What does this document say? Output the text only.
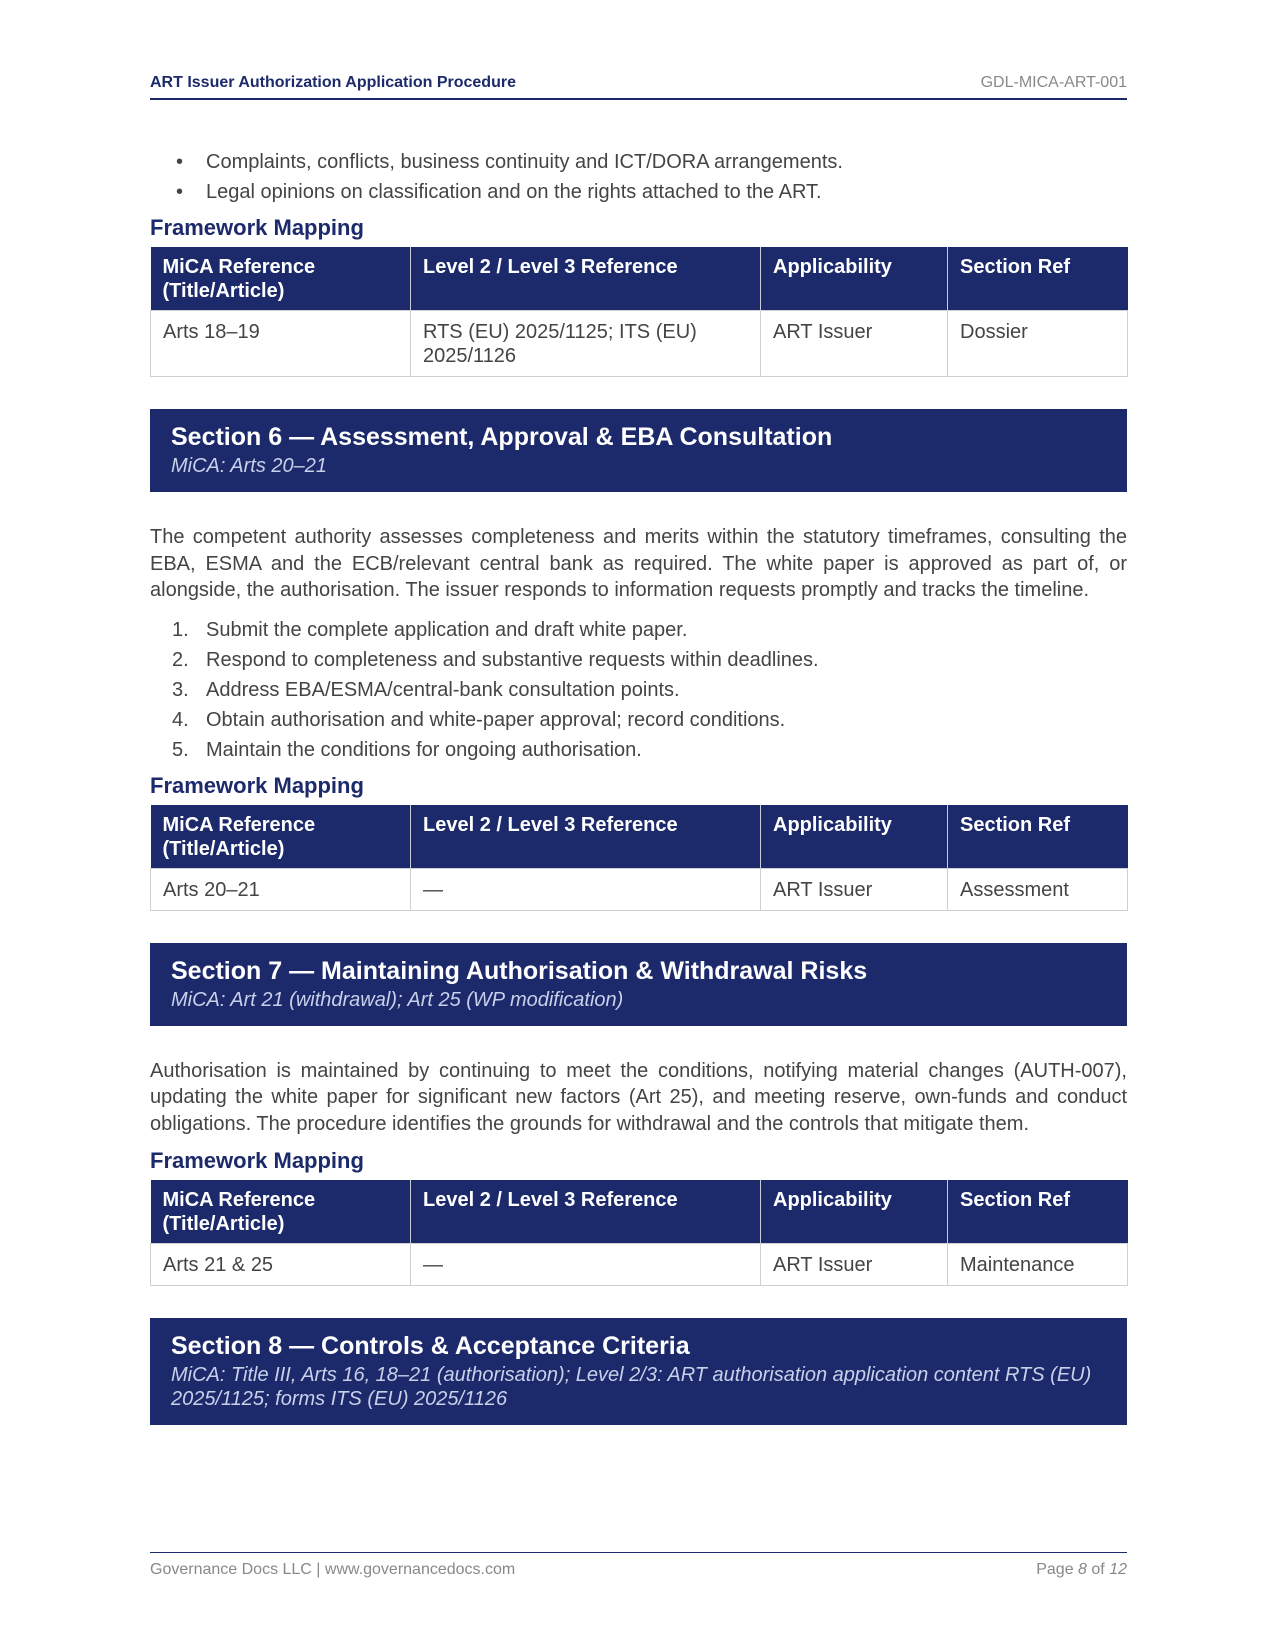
ART Issuer Authorization Application Procedure	GDL-MICA-ART-001
• Complaints, conflicts, business continuity and ICT/DORA arrangements.
• Legal opinions on classification and on the rights attached to the ART.
Framework Mapping
MiCA Reference (Title/Article)	Level 2 / Level 3 Reference	Applicability	Section Ref
Arts 18–19	RTS (EU) 2025/1125; ITS (EU) 2025/1126	ART Issuer	Dossier
Section 6 — Assessment, Approval & EBA Consultation
MiCA: Arts 20–21

The competent authority assesses completeness and merits within the statutory timeframes, consulting the EBA, ESMA and the ECB/relevant central bank as required. The white paper is approved as part of, or alongside, the authorisation. The issuer responds to information requests promptly and tracks the timeline.

1. Submit the complete application and draft white paper.
2. Respond to completeness and substantive requests within deadlines.
3. Address EBA/ESMA/central-bank consultation points.
4. Obtain authorisation and white-paper approval; record conditions.
5. Maintain the conditions for ongoing authorisation.
Framework Mapping
MiCA Reference (Title/Article)	Level 2 / Level 3 Reference	Applicability	Section Ref
Arts 20–21	—	ART Issuer	Assessment
Section 7 — Maintaining Authorisation & Withdrawal Risks
MiCA: Art 21 (withdrawal); Art 25 (WP modification)

Authorisation is maintained by continuing to meet the conditions, notifying material changes (AUTH-007), updating the white paper for significant new factors (Art 25), and meeting reserve, own-funds and conduct obligations. The procedure identifies the grounds for withdrawal and the controls that mitigate them.

Framework Mapping
MiCA Reference (Title/Article)	Level 2 / Level 3 Reference	Applicability	Section Ref
Arts 21 & 25	—	ART Issuer	Maintenance
Section 8 — Controls & Acceptance Criteria
MiCA: Title III, Arts 16, 18–21 (authorisation); Level 2/3: ART authorisation application content RTS (EU) 2025/1125; forms ITS (EU) 2025/1126
Governance Docs LLC | www.governancedocs.com	Page 8 of 12
